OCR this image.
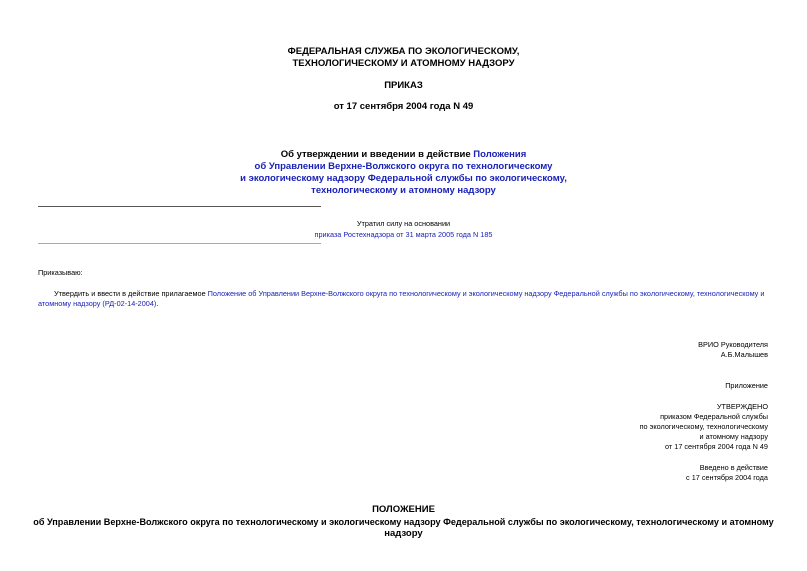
ФЕДЕРАЛЬНАЯ СЛУЖБА ПО ЭКОЛОГИЧЕСКОМУ,
ТЕХНОЛОГИЧЕСКОМУ И АТОМНОМУ НАДЗОРУ
ПРИКАЗ
от 17 сентября 2004 года N 49
Об утверждении и введении в действие Положения
об Управлении Верхне-Волжского округа по технологическому
и экологическому надзору Федеральной службы по экологическому,
технологическому и атомному надзору
Утратил силу на основании
приказа Ростехнадзора от 31 марта 2005 года N 185
Приказываю:
Утвердить и ввести в действие прилагаемое Положение об Управлении Верхне-Волжского округа по технологическому и экологическому надзору Федеральной службы по экологическому, технологическому и
атомному надзору (РД-02-14-2004).
ВРИО Руководителя
А.Б.Малышев
Приложение
УТВЕРЖДЕНО
приказом Федеральной службы
по экологическому, технологическому
и атомному надзору
от 17 сентября 2004 года N 49
Введено в действие
с 17 сентября 2004 года
ПОЛОЖЕНИЕ
об Управлении Верхне-Волжского округа по технологическому и экологическому надзору Федеральной службы по экологическому, технологическому и атомному
надзору
